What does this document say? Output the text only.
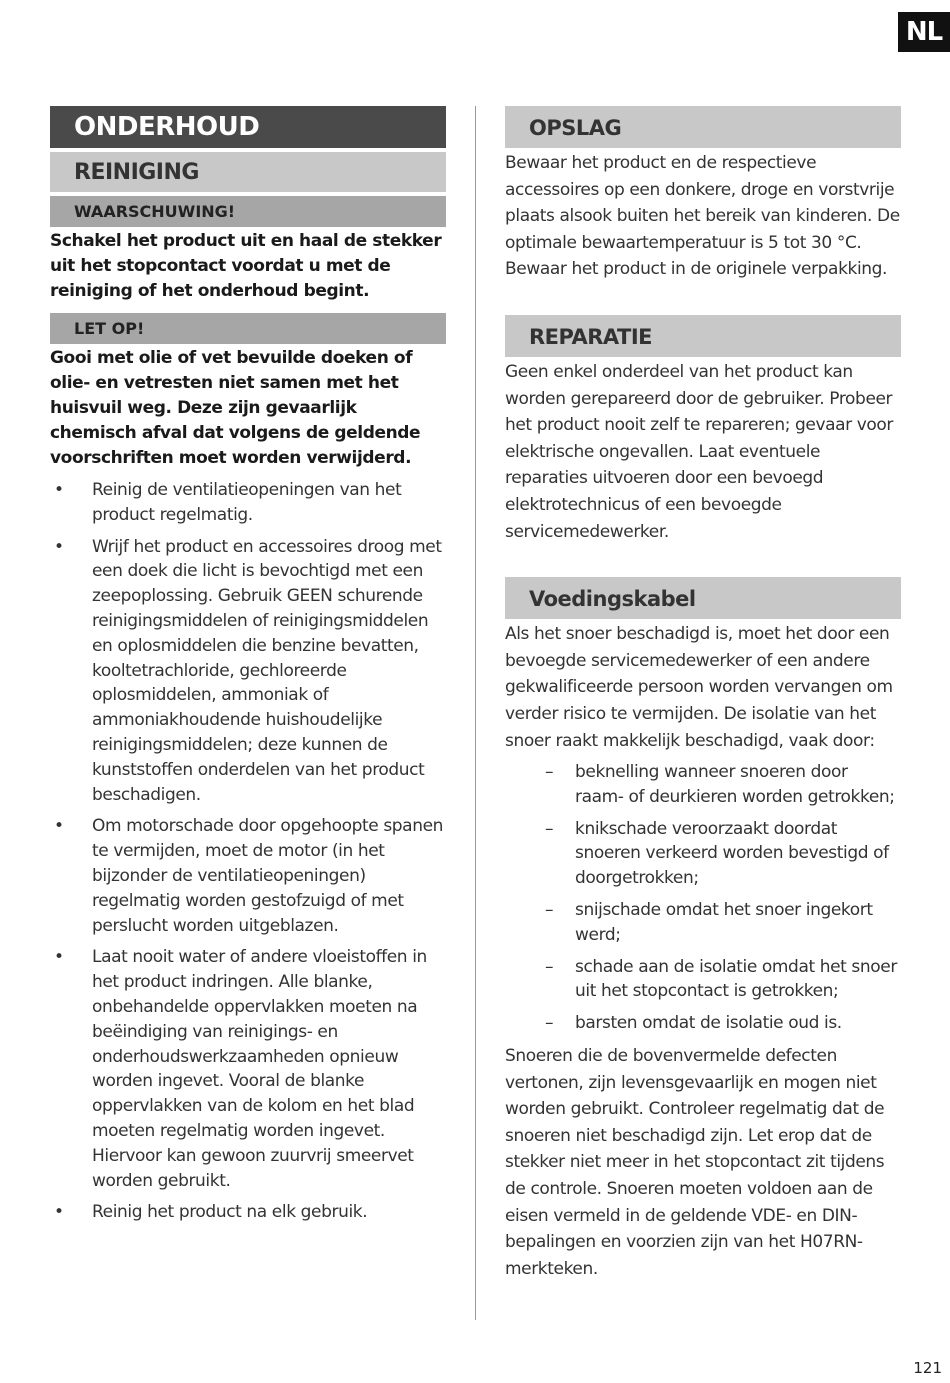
NL
ONDERHOUD
REINIGING
WAARSCHUWING!

Schakel het product uit en haal de stekker uit het stopcontact voordat u met de reiniging of het onderhoud begint.

LET OP!

Gooi met olie of vet bevuilde doeken of olie- en vetresten niet samen met het huisvuil weg. Deze zijn gevaarlijk chemisch afval dat volgens de geldende voorschriften moet worden verwijderd.

• Reinig de ventilatieopeningen van het product regelmatig.
• Wrijf het product en accessoires droog met een doek die licht is bevochtigd met een zeepoplossing. Gebruik GEEN schurende reinigingsmiddelen of reinigingsmiddelen en oplosmiddelen die benzine bevatten, kooltetrachloride, gechloreerde oplosmiddelen, ammoniak of ammoniakhoudende huishoudelijke reinigingsmiddelen; deze kunnen de kunststoffen onderdelen van het product beschadigen.
• Om motorschade door opgehoopte spanen te vermijden, moet de motor (in het bijzonder de ventilatieopeningen) regelmatig worden gestofzuigd of met perslucht worden uitgeblazen.
• Laat nooit water of andere vloeistoffen in het product indringen. Alle blanke, onbehandelde oppervlakken moeten na beëindiging van reinigings- en onderhoudswerkzaamheden opnieuw worden ingevet. Vooral de blanke oppervlakken van de kolom en het blad moeten regelmatig worden ingevet. Hiervoor kan gewoon zuurvrij smeervet worden gebruikt.
• Reinig het product na elk gebruik.
OPSLAG

Bewaar het product en de respectieve accessoires op een donkere, droge en vorstvrije plaats alsook buiten het bereik van kinderen. De optimale bewaartemperatuur is 5 tot 30 °C. Bewaar het product in de originele verpakking.

REPARATIE

Geen enkel onderdeel van het product kan worden gerepareerd door de gebruiker. Probeer het product nooit zelf te repareren; gevaar voor elektrische ongevallen. Laat eventuele reparaties uitvoeren door een bevoegd elektrotechnicus of een bevoegde servicemedewerker.

Voedingskabel

Als het snoer beschadigd is, moet het door een bevoegde servicemedewerker of een andere gekwalificeerde persoon worden vervangen om verder risico te vermijden. De isolatie van het snoer raakt makkelijk beschadigd, vaak door:

– beknelling wanneer snoeren door raam- of deurkieren worden getrokken;
– knikschade veroorzaakt doordat snoeren verkeerd worden bevestigd of doorgetrokken;
– snijschade omdat het snoer ingekort werd;
– schade aan de isolatie omdat het snoer uit het stopcontact is getrokken;
– barsten omdat de isolatie oud is.

Snoeren die de bovenvermelde defecten vertonen, zijn levensgevaarlijk en mogen niet worden gebruikt. Controleer regelmatig dat de snoeren niet beschadigd zijn. Let erop dat de stekker niet meer in het stopcontact zit tijdens de controle. Snoeren moeten voldoen aan de eisen vermeld in de geldende VDE- en DIN-bepalingen en voorzien zijn van het H07RN-merkteken.

121
